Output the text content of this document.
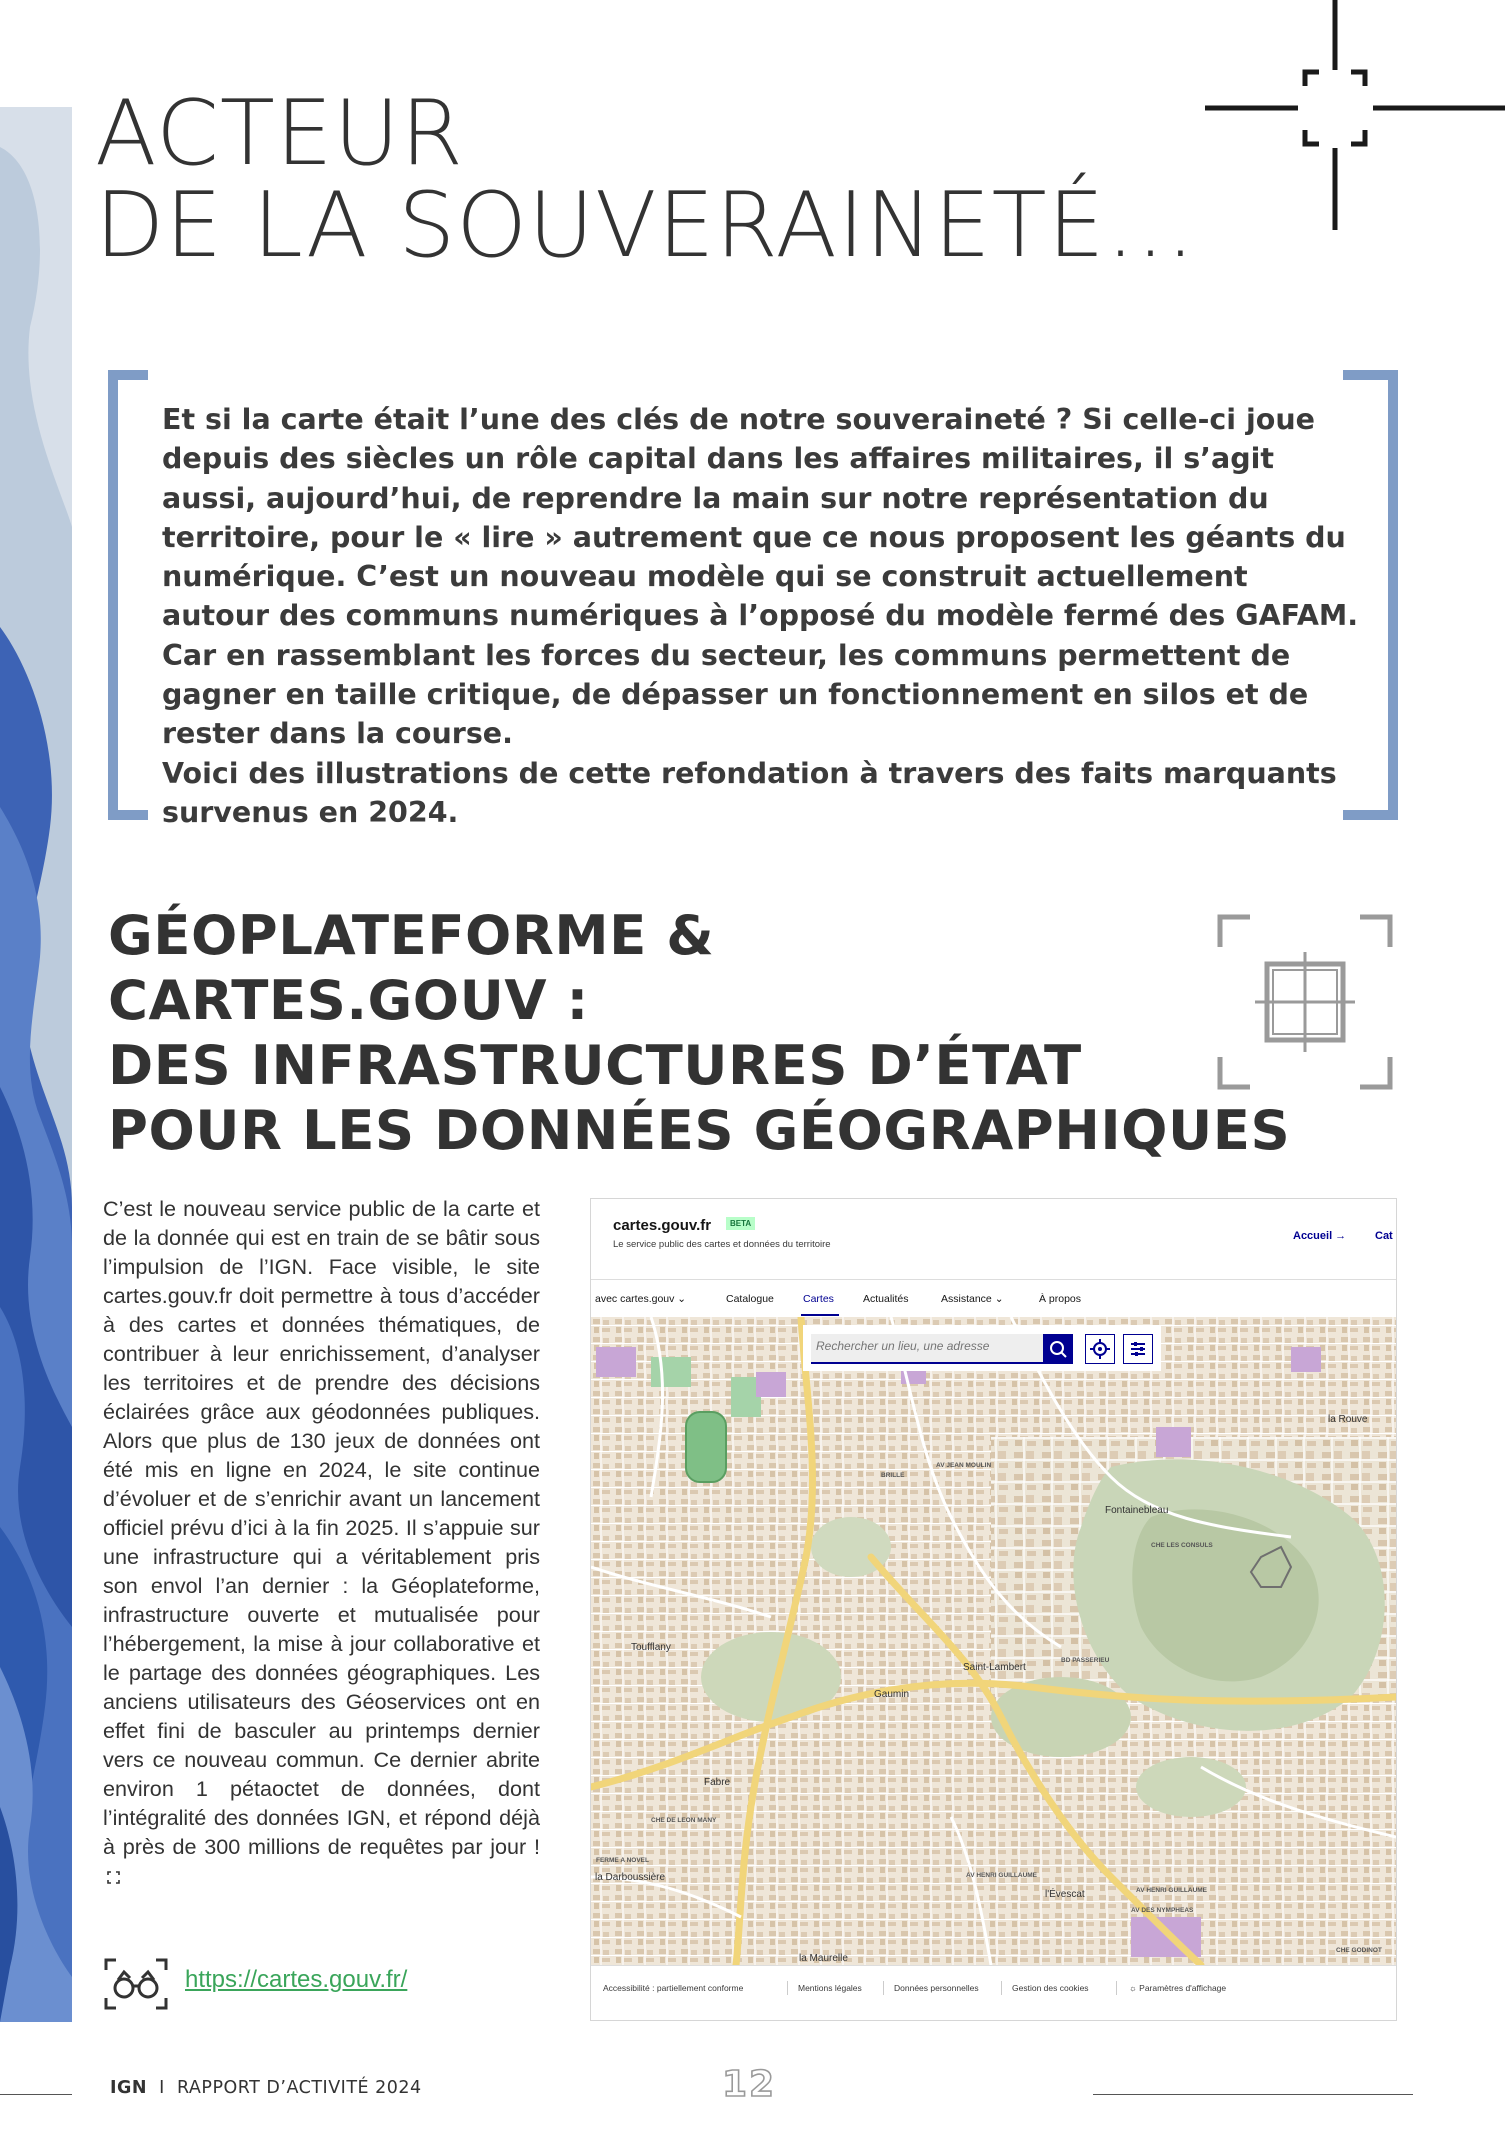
ACTEUR
DE LA SOUVERAINETÉ…

Et si la carte était l’une des clés de notre souveraineté ? Si celle-ci joue depuis des siècles un rôle capital dans les affaires militaires, il s’agit aussi, aujourd’hui, de reprendre la main sur notre représentation du territoire, pour le « lire » autrement que ce nous proposent les géants du numérique. C’est un nouveau modèle qui se construit actuellement autour des communs numériques à l’opposé du modèle fermé des GAFAM. Car en rassemblant les forces du secteur, les communs permettent de gagner en taille critique, de dépasser un fonctionnement en silos et de rester dans la course.
Voici des illustrations de cette refondation à travers des faits marquants survenus en 2024.

GÉOPLATEFORME &
CARTES.GOUV :
DES INFRASTRUCTURES D’ÉTAT
POUR LES DONNÉES GÉOGRAPHIQUES

C’est le nouveau service public de la carte et de la donnée qui est en train de se bâtir sous l’impulsion de l’IGN. Face visible, le site cartes.gouv.fr doit permettre à tous d’accéder à des cartes et données thématiques, de contribuer à leur enrichissement, d’analyser les territoires et de prendre des décisions éclairées grâce aux géodonnées publiques. Alors que plus de 130 jeux de données ont été mis en ligne en 2024, le site continue d’évoluer et de s’enrichir avant un lancement officiel prévu d’ici à la fin 2025. Il s’appuie sur une infrastructure qui a véritablement pris son envol l’an dernier : la Géoplateforme, infrastructure ouverte et mutualisée pour l’hébergement, la mise à jour collaborative et le partage des données géographiques. Les anciens utilisateurs des Géoservices ont en effet fini de basculer au printemps dernier vers ce nouveau commun. Ce dernier abrite environ 1 pétaoctet de données, dont l’intégralité des données IGN, et répond déjà à près de 300 millions de requêtes par jour !

https://cartes.gouv.fr/
cartes.gouv.fr	BETA
Le service public des cartes et données du territoire
Accueil →	Cat
avec cartes.gouv ⌄	Catalogue	Cartes	Actualités	Assistance ⌄	À propos
Rechercher un lieu, une adresse
la Rouve
Fontainebleau
Toufflany
Saint-Lambert
Gaumin
Fabre
la Darboussière
l'Évescat
la Maurelle
AV JEAN MOULIN
CHE LES CONSULS
AV HENRI GUILLAUME
AV DES NYMPHEAS
CHE DE LEON MANY
BD PASSERIEU
FERME A NOVEL
AV HENRI GUILLAUME
BRILLE
CHE GODINOT
Accessibilité : partiellement conforme	Mentions légales	Données personnelles	Gestion des cookies	☼ Paramètres d'affichage
IGN I RAPPORT D’ACTIVITÉ 2024	12
